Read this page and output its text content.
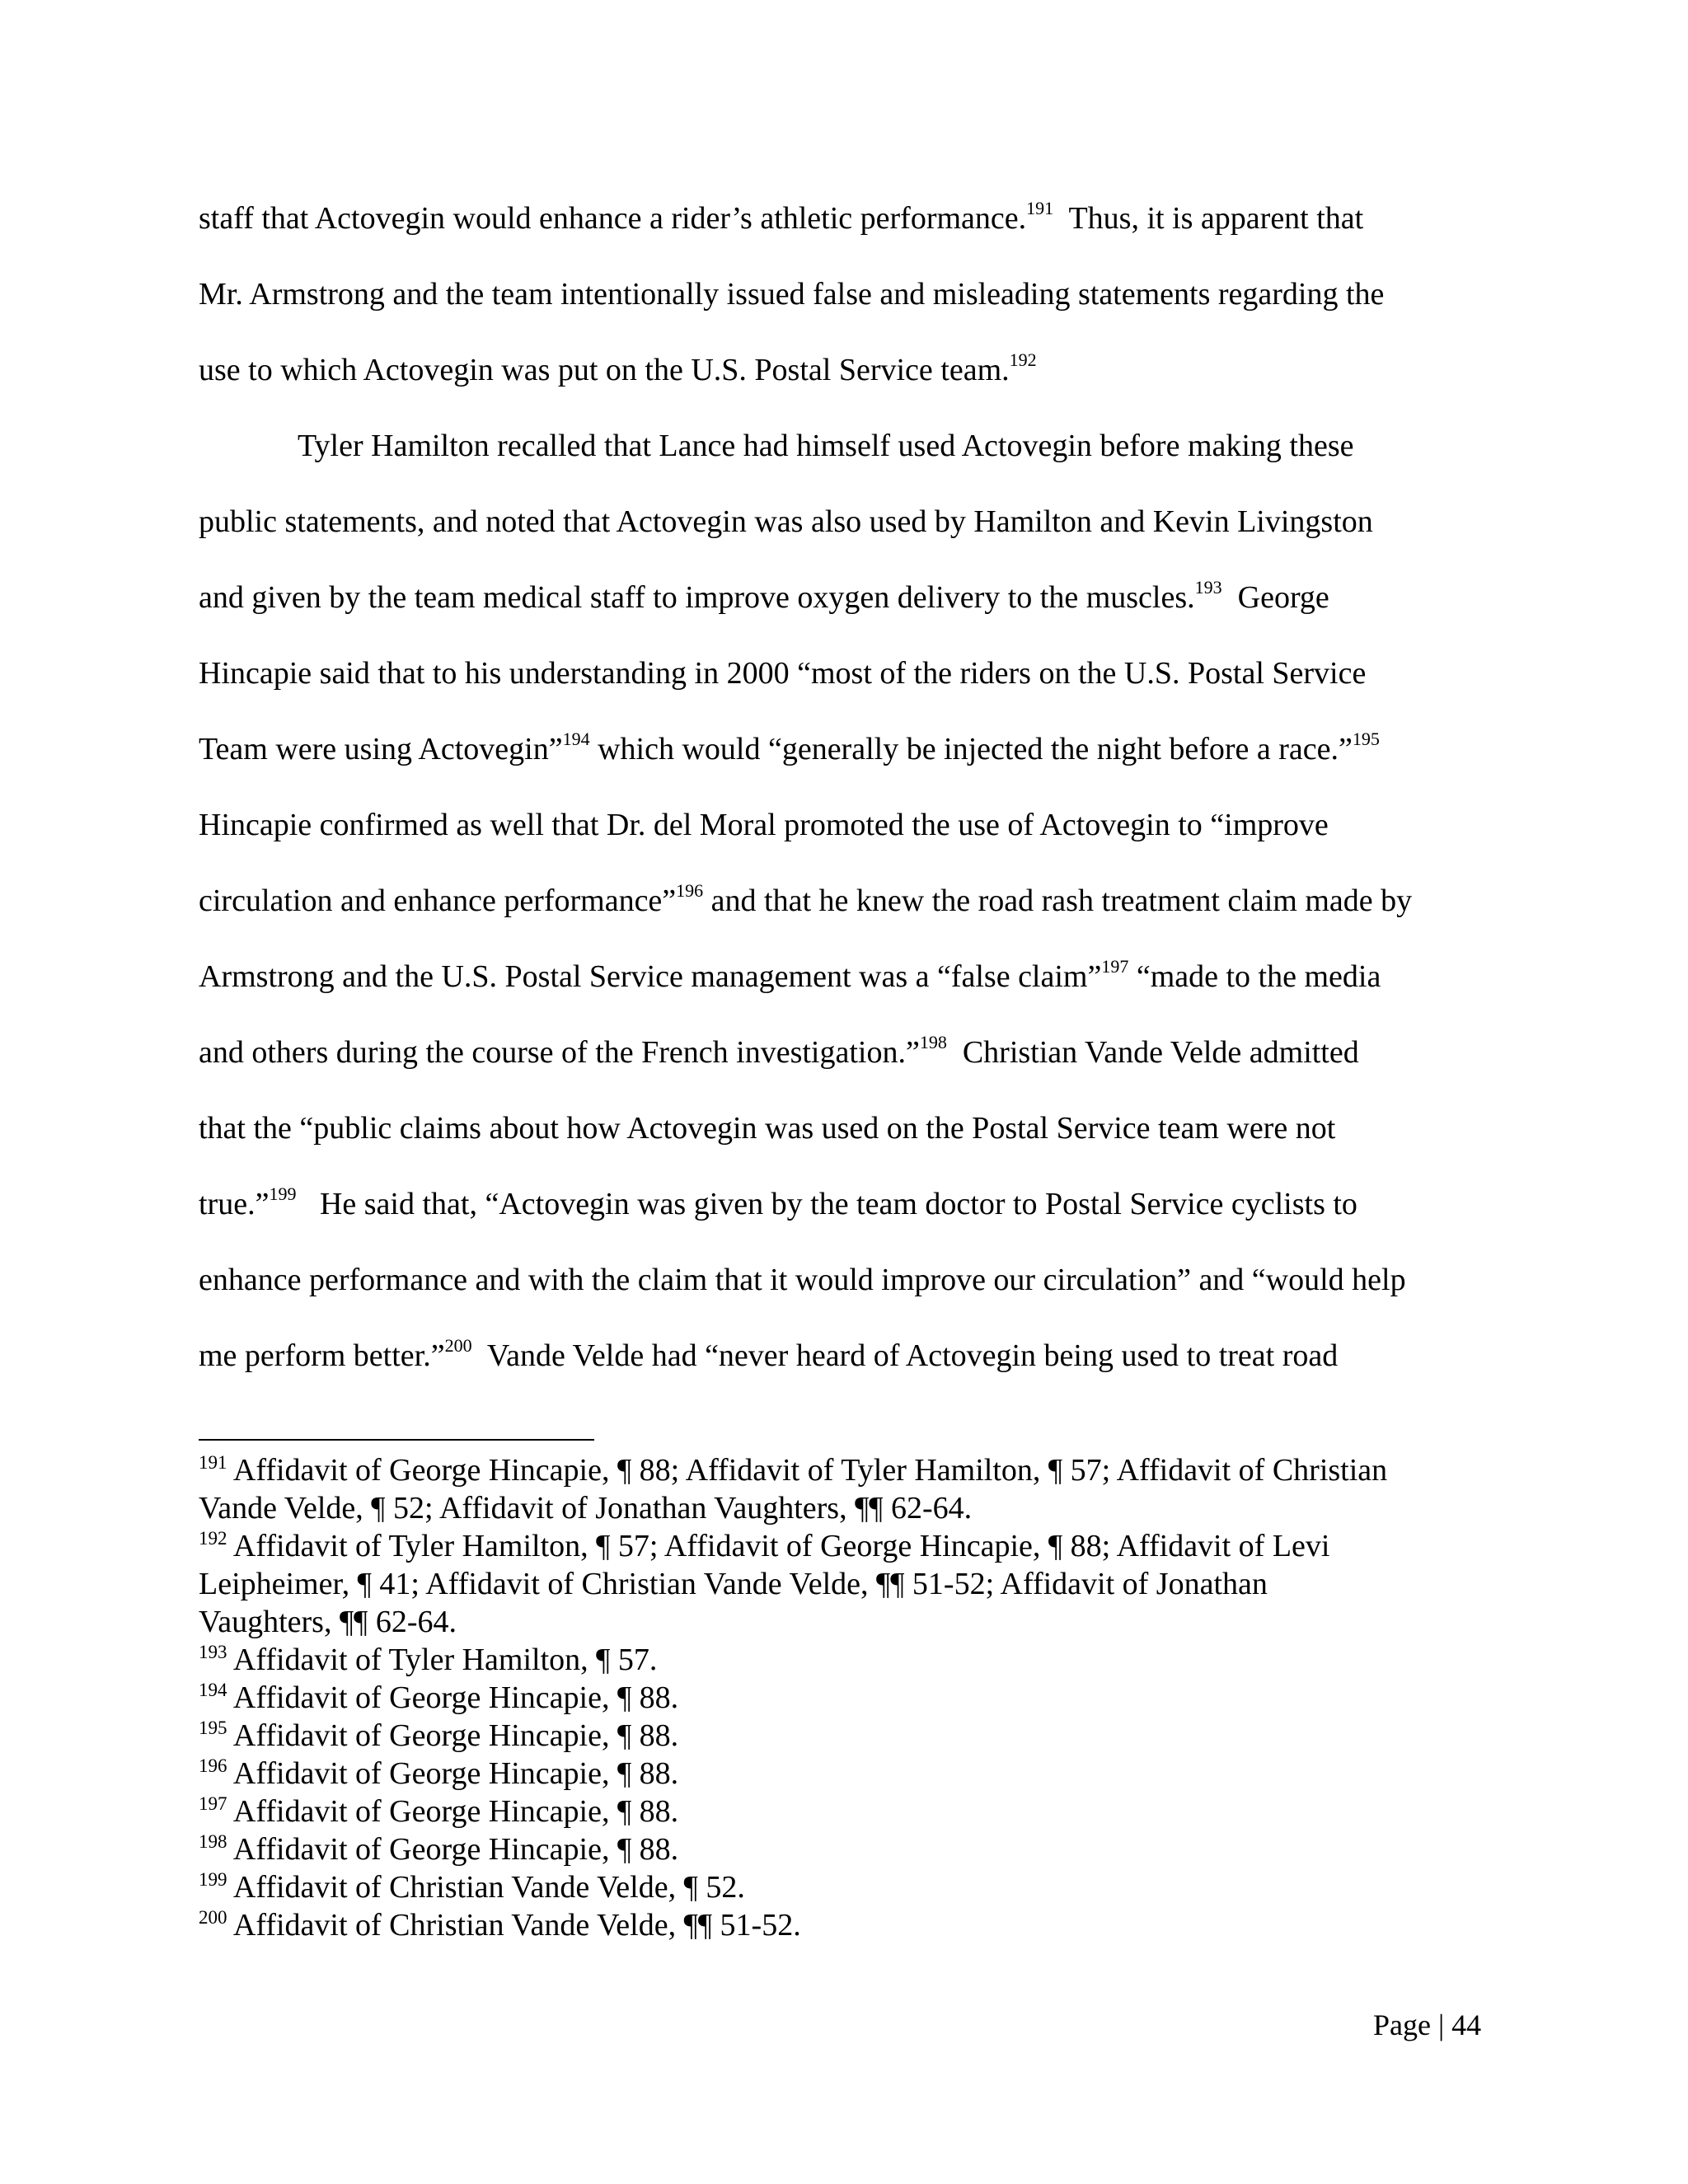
staff that Actovegin would enhance a rider’s athletic performance.$^{191}$  Thus, it is apparent that
Mr. Armstrong and the team intentionally issued false and misleading statements regarding the
use to which Actovegin was put on the U.S. Postal Service team.$^{192}$
Tyler Hamilton recalled that Lance had himself used Actovegin before making these
public statements, and noted that Actovegin was also used by Hamilton and Kevin Livingston
and given by the team medical staff to improve oxygen delivery to the muscles.$^{193}$  George
Hincapie said that to his understanding in 2000 “most of the riders on the U.S. Postal Service
Team were using Actovegin”$^{194}$ which would “generally be injected the night before a race.”$^{195}$
Hincapie confirmed as well that Dr. del Moral promoted the use of Actovegin to “improve
circulation and enhance performance”$^{196}$ and that he knew the road rash treatment claim made by
Armstrong and the U.S. Postal Service management was a “false claim”$^{197}$ “made to the media
and others during the course of the French investigation.”$^{198}$  Christian Vande Velde admitted
that the “public claims about how Actovegin was used on the Postal Service team were not
true.”$^{199}$   He said that, “Actovegin was given by the team doctor to Postal Service cyclists to
enhance performance and with the claim that it would improve our circulation” and “would help
me perform better.”$^{200}$  Vande Velde had “never heard of Actovegin being used to treat road
$^{191}$ Affidavit of George Hincapie, ¶ 88; Affidavit of Tyler Hamilton, ¶ 57; Affidavit of Christian
Vande Velde, ¶ 52; Affidavit of Jonathan Vaughters, ¶¶ 62-64.
$^{192}$ Affidavit of Tyler Hamilton, ¶ 57; Affidavit of George Hincapie, ¶ 88; Affidavit of Levi
Leipheimer, ¶ 41; Affidavit of Christian Vande Velde, ¶¶ 51-52; Affidavit of Jonathan
Vaughters, ¶¶ 62-64.
$^{193}$ Affidavit of Tyler Hamilton, ¶ 57.
$^{194}$ Affidavit of George Hincapie, ¶ 88.
$^{195}$ Affidavit of George Hincapie, ¶ 88.
$^{196}$ Affidavit of George Hincapie, ¶ 88.
$^{197}$ Affidavit of George Hincapie, ¶ 88.
$^{198}$ Affidavit of George Hincapie, ¶ 88.
$^{199}$ Affidavit of Christian Vande Velde, ¶ 52.
$^{200}$ Affidavit of Christian Vande Velde, ¶¶ 51-52.
Page | 44
